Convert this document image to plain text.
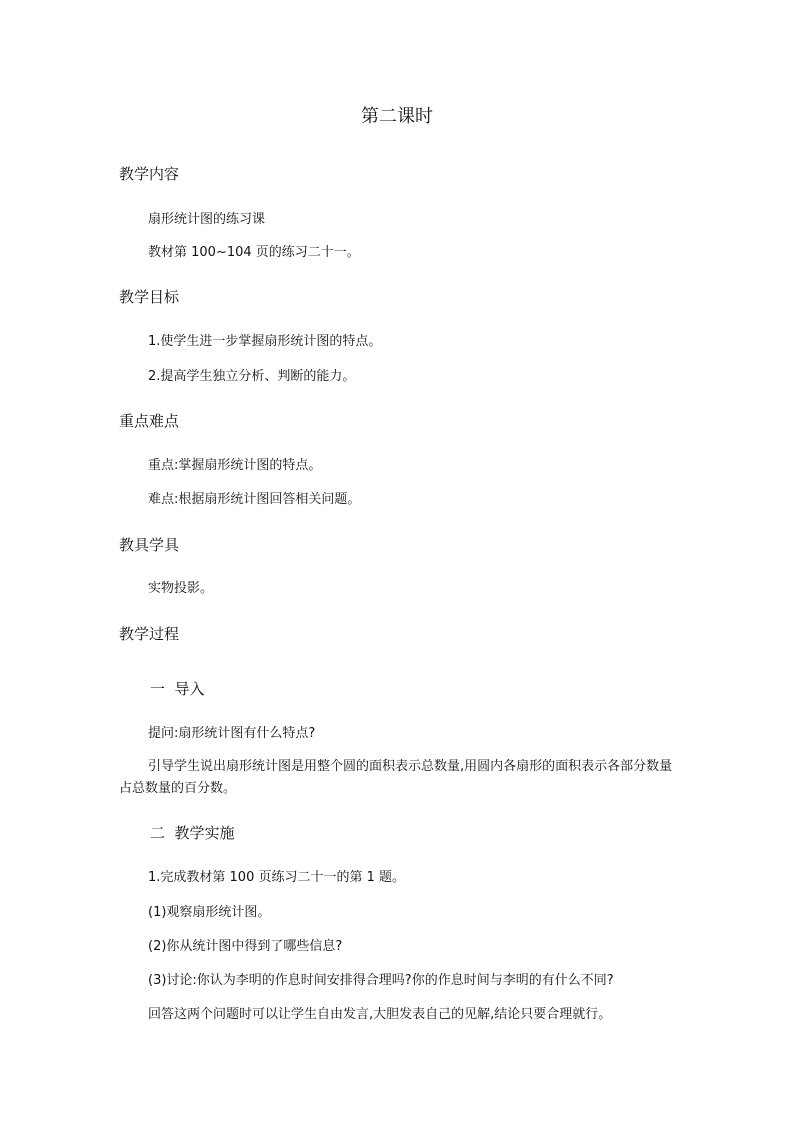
第二课时
教学内容
扇形统计图的练习课
教材第 100~104 页的练习二十一。
教学目标
1.使学生进一步掌握扇形统计图的特点。
2.提高学生独立分析、判断的能力。
重点难点
重点:掌握扇形统计图的特点。
难点:根据扇形统计图回答相关问题。
教具学具
实物投影。
教学过程
一  导入
提问:扇形统计图有什么特点?
引导学生说出扇形统计图是用整个圆的面积表示总数量,用圆内各扇形的面积表示各部分数量占总数量的百分数。
二  教学实施
1.完成教材第 100 页练习二十一的第 1 题。
(1)观察扇形统计图。
(2)你从统计图中得到了哪些信息?
(3)讨论:你认为李明的作息时间安排得合理吗?你的作息时间与李明的有什么不同?
回答这两个问题时可以让学生自由发言,大胆发表自己的见解,结论只要合理就行。
